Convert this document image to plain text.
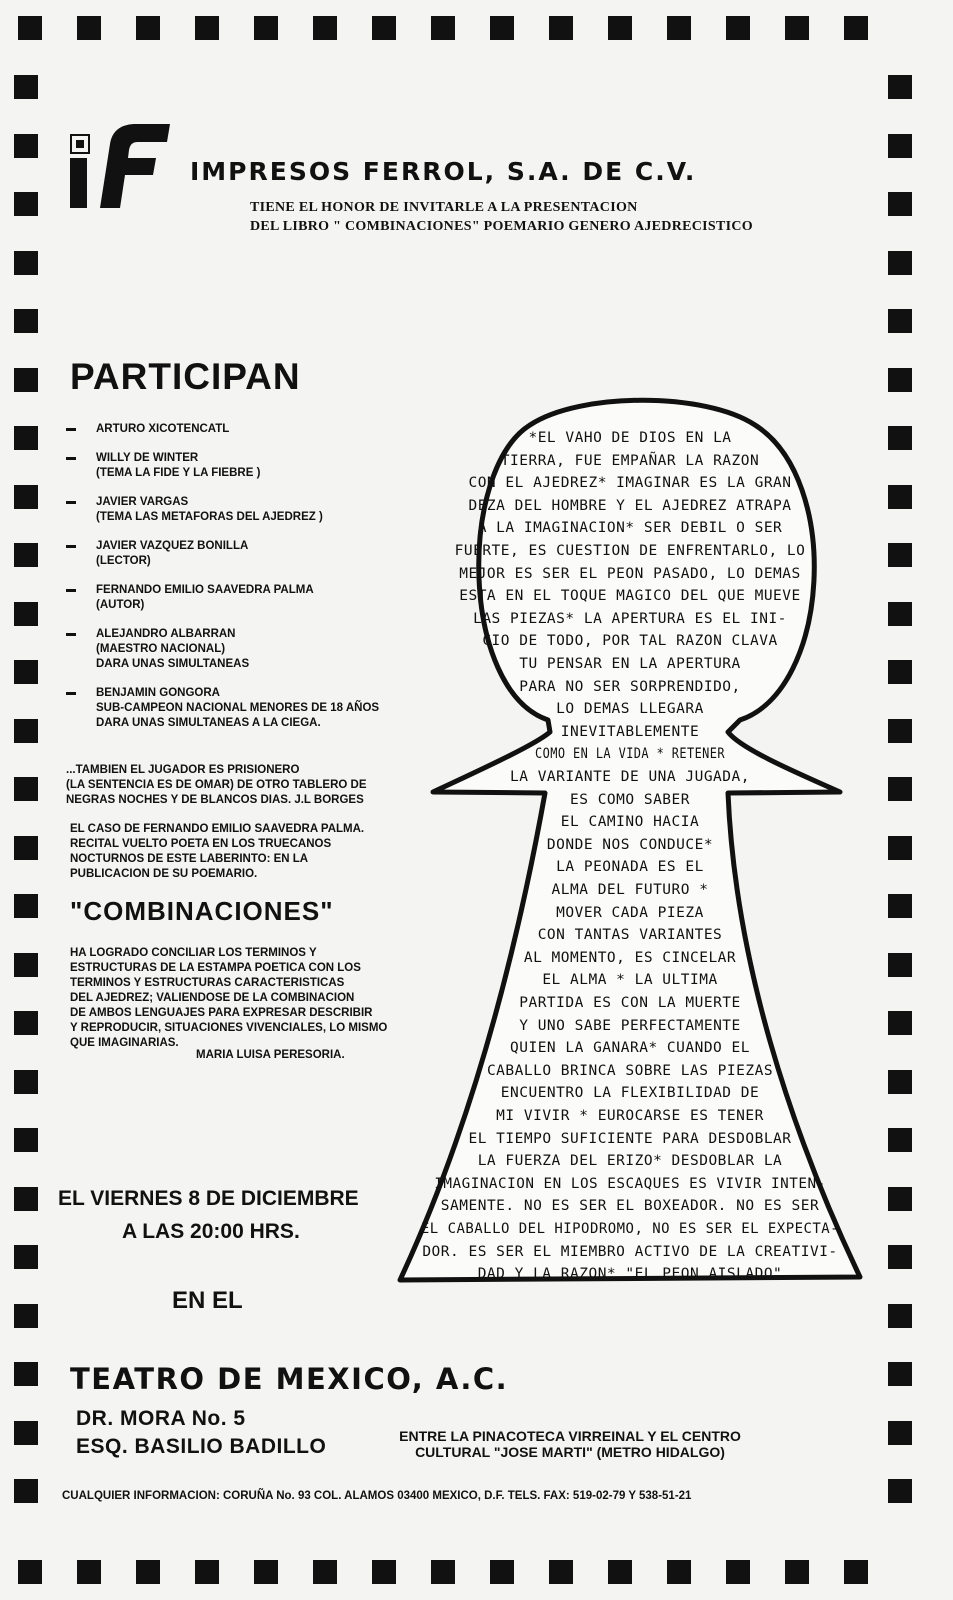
IMPRESOS FERROL, S.A. DE C.V.
TIENE EL HONOR DE INVITARLE A LA PRESENTACION
DEL LIBRO " COMBINACIONES" POEMARIO GENERO AJEDRECISTICO
PARTICIPAN
ARTURO XICOTENCATL
WILLY DE WINTER
(TEMA LA FIDE Y LA FIEBRE )
JAVIER VARGAS
(TEMA LAS METAFORAS DEL AJEDREZ )
JAVIER VAZQUEZ BONILLA
(LECTOR)
FERNANDO EMILIO SAAVEDRA PALMA
(AUTOR)
ALEJANDRO ALBARRAN
(MAESTRO NACIONAL)
DARA UNAS SIMULTANEAS
BENJAMIN GONGORA
SUB-CAMPEON NACIONAL MENORES DE 18 AÑOS
DARA UNAS SIMULTANEAS A LA CIEGA.
...TAMBIEN EL JUGADOR ES PRISIONERO
(LA SENTENCIA ES DE OMAR) DE OTRO TABLERO DE
NEGRAS NOCHES Y DE BLANCOS DIAS. J.L BORGES
EL CASO DE FERNANDO EMILIO SAAVEDRA PALMA.
RECITAL VUELTO POETA EN LOS TRUECANOS
NOCTURNOS DE ESTE LABERINTO: EN LA
PUBLICACION DE SU POEMARIO.
"COMBINACIONES"
HA LOGRADO CONCILIAR LOS TERMINOS Y
ESTRUCTURAS DE LA ESTAMPA POETICA CON LOS
TERMINOS Y ESTRUCTURAS CARACTERISTICAS
DEL AJEDREZ; VALIENDOSE DE LA COMBINACION
DE AMBOS LENGUAJES PARA EXPRESAR DESCRIBIR
Y REPRODUCIR, SITUACIONES VIVENCIALES, LO MISMO
QUE IMAGINARIAS.
MARIA LUISA PERESORIA.
EL VIERNES 8 DE DICIEMBRE
A LAS 20:00 HRS.
EN EL
TEATRO DE MEXICO, A.C.
DR. MORA No. 5
ESQ. BASILIO BADILLO	ENTRE LA PINACOTECA VIRREINAL Y EL CENTRO
CULTURAL "JOSE MARTI" (METRO HIDALGO)
CUALQUIER INFORMACION: CORUÑA No. 93 COL. ALAMOS 03400 MEXICO, D.F. TELS. FAX: 519-02-79 Y 538-51-21
*EL VAHO DE DIOS EN LA
TIERRA, FUE EMPAÑAR LA RAZON
CON EL AJEDREZ* IMAGINAR ES LA GRAN
DEZA DEL HOMBRE Y EL AJEDREZ ATRAPA
A LA IMAGINACION* SER DEBIL O SER
FUERTE, ES CUESTION DE ENFRENTARLO, LO
MEJOR ES SER EL PEON PASADO, LO DEMAS
ESTA EN EL TOQUE MAGICO DEL QUE MUEVE
LAS PIEZAS* LA APERTURA ES EL INI-
CIO DE TODO, POR TAL RAZON CLAVA
TU PENSAR EN LA APERTURA
PARA NO SER SORPRENDIDO,
LO DEMAS LLEGARA
INEVITABLEMENTE
COMO EN LA VIDA * RETENER
LA VARIANTE DE UNA JUGADA,
ES COMO SABER
EL CAMINO HACIA
DONDE NOS CONDUCE*
LA PEONADA ES EL
ALMA DEL FUTURO *
MOVER CADA PIEZA
CON TANTAS VARIANTES
AL MOMENTO, ES CINCELAR
EL ALMA * LA ULTIMA
PARTIDA ES CON LA MUERTE
Y UNO SABE PERFECTAMENTE
QUIEN LA GANARA* CUANDO EL
CABALLO BRINCA SOBRE LAS PIEZAS
ENCUENTRO LA FLEXIBILIDAD DE
MI VIVIR * EUROCARSE ES TENER
EL TIEMPO SUFICIENTE PARA DESDOBLAR
LA FUERZA DEL ERIZO* DESDOBLAR LA
IMAGINACION EN LOS ESCAQUES ES VIVIR INTEN-
SAMENTE. NO ES SER EL BOXEADOR. NO ES SER
EL CABALLO DEL HIPODROMO, NO ES SER EL EXPECTA-
DOR. ES SER EL MIEMBRO ACTIVO DE LA CREATIVI-
DAD Y LA RAZON* "EL PEON AISLADO"
